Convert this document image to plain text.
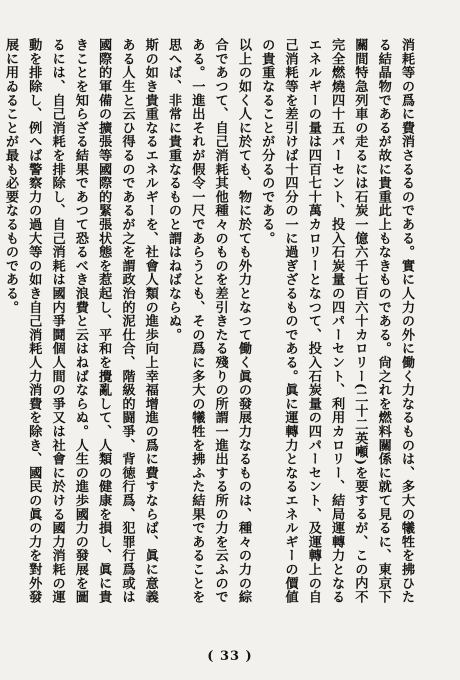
消耗等の爲に費消さるるのである。實に人力の外に働く力なるものは、多大の犧牲を拂ひたる結晶物であるが故に貴重此上もなきものである。尙之れを燃料關係に就て見るに、東京下關間特急列車の走るには石炭一億六千七百六十カロリー(二十二英噸)を要するが、この内不完全燃燒四十五パーセント、投入石炭量の四パーセント、利用カロリー、結局運轉力となるエネルギーの量は四百七十萬カロリーとなつて、投入石炭量の四パーセント、及運轉上の自己消耗等を差引けば十四分の一に過ぎざるものである。眞に運轉力となるエネルギーの價値の貴重なることが分るのである。

以上の如く人に於ても、物に於ても外力となつて働く眞の發展力なるものは、種々の力の綜合であつて、自己消耗其他種々のものを差引きたる殘りの所謂一進出する所の力を云ふのである。一進出それが假令一尺であらうとも、その爲に多大の犧牲を拂ふた結果であることを思へば、非常に貴重なるものと謂はねばならぬ。

斯の如き貴重なるエネルギーを、社會人類の進歩向上幸福增進の爲に費すならば、眞に意義ある人生と云ひ得るのであるが之を謂政治的泥仕合、階級的闘爭、背徳行爲、犯罪行爲或は國際的軍備の擴張等國際的緊張状態を惹起し、平和を攪亂して、人類の健康を損し、眞に貴きことを知らざる結果であつて恐るべき浪費と云はねばならぬ。人生の進歩國力の發展を圖るには、自己消耗を排除し、自己消耗は國内爭鬪個人間の爭又は社會に於ける國力消耗の運動を排除し、例へば警察力の過大等の如き自己消耗人力消費を除き、國民の眞の力を對外發展に用ゐることが最も必要なるものである。

( 33 )
